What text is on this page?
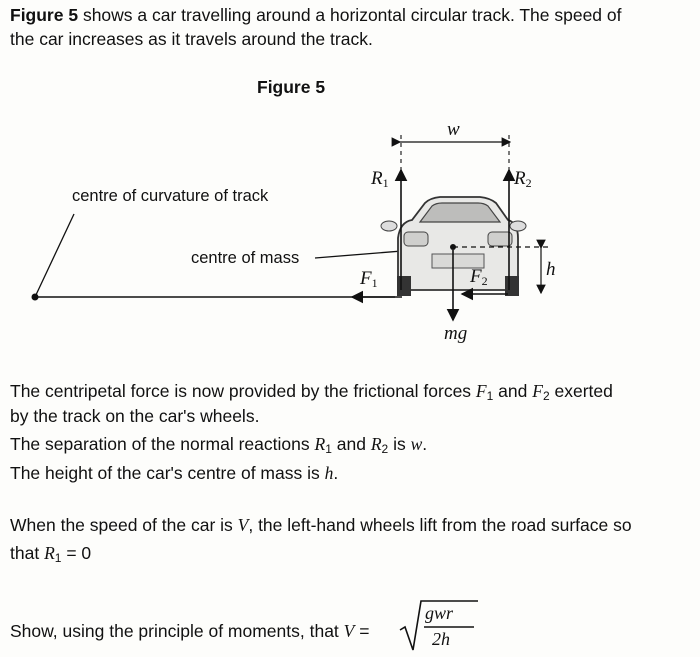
Figure 5 shows a car travelling around a horizontal circular track. The speed of
the car increases as it travels around the track.
Figure 5
centre of curvature of track
centre of mass
w
$R_1$	$R_2$
$F_1$	$F_2$
h
mg
The centripetal force is now provided by the frictional forces $F_1$ and $F_2$ exerted
by the track on the car's wheels.
The separation of the normal reactions $R_1$ and $R_2$ is w.
The height of the car's centre of mass is h.
When the speed of the car is V, the left-hand wheels lift from the road surface so
that $R_1 = 0$
Show, using the principle of moments, that V =
gwr
2h
